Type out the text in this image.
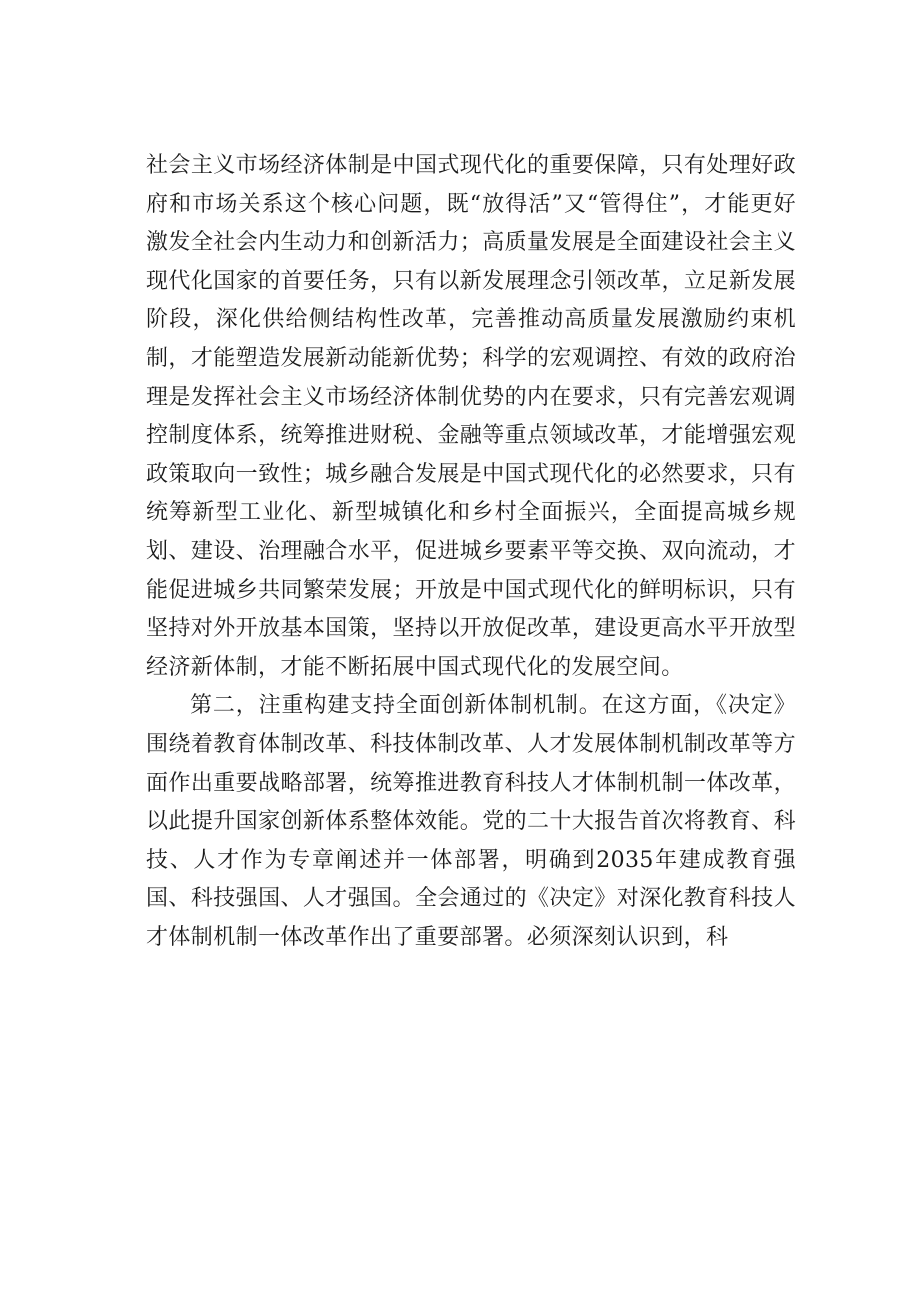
社会主义市场经济体制是中国式现代化的重要保障，只有处理好政府和市场关系这个核心问题，既“放得活”又“管得住”，才能更好激发全社会内生动力和创新活力；高质量发展是全面建设社会主义现代化国家的首要任务，只有以新发展理念引领改革，立足新发展阶段，深化供给侧结构性改革，完善推动高质量发展激励约束机制，才能塑造发展新动能新优势；科学的宏观调控、有效的政府治理是发挥社会主义市场经济体制优势的内在要求，只有完善宏观调控制度体系，统筹推进财税、金融等重点领域改革，才能增强宏观政策取向一致性；城乡融合发展是中国式现代化的必然要求，只有统筹新型工业化、新型城镇化和乡村全面振兴，全面提高城乡规划、建设、治理融合水平，促进城乡要素平等交换、双向流动，才能促进城乡共同繁荣发展；开放是中国式现代化的鲜明标识，只有坚持对外开放基本国策，坚持以开放促改革，建设更高水平开放型经济新体制，才能不断拓展中国式现代化的发展空间。

第二，注重构建支持全面创新体制机制。在这方面，《决定》围绕着教育体制改革、科技体制改革、人才发展体制机制改革等方面作出重要战略部署，统筹推进教育科技人才体制机制一体改革，以此提升国家创新体系整体效能。党的二十大报告首次将教育、科技、人才作为专章阐述并一体部署，明确到2035年建成教育强国、科技强国、人才强国。全会通过的《决定》对深化教育科技人才体制机制一体改革作出了重要部署。必须深刻认识到，科
